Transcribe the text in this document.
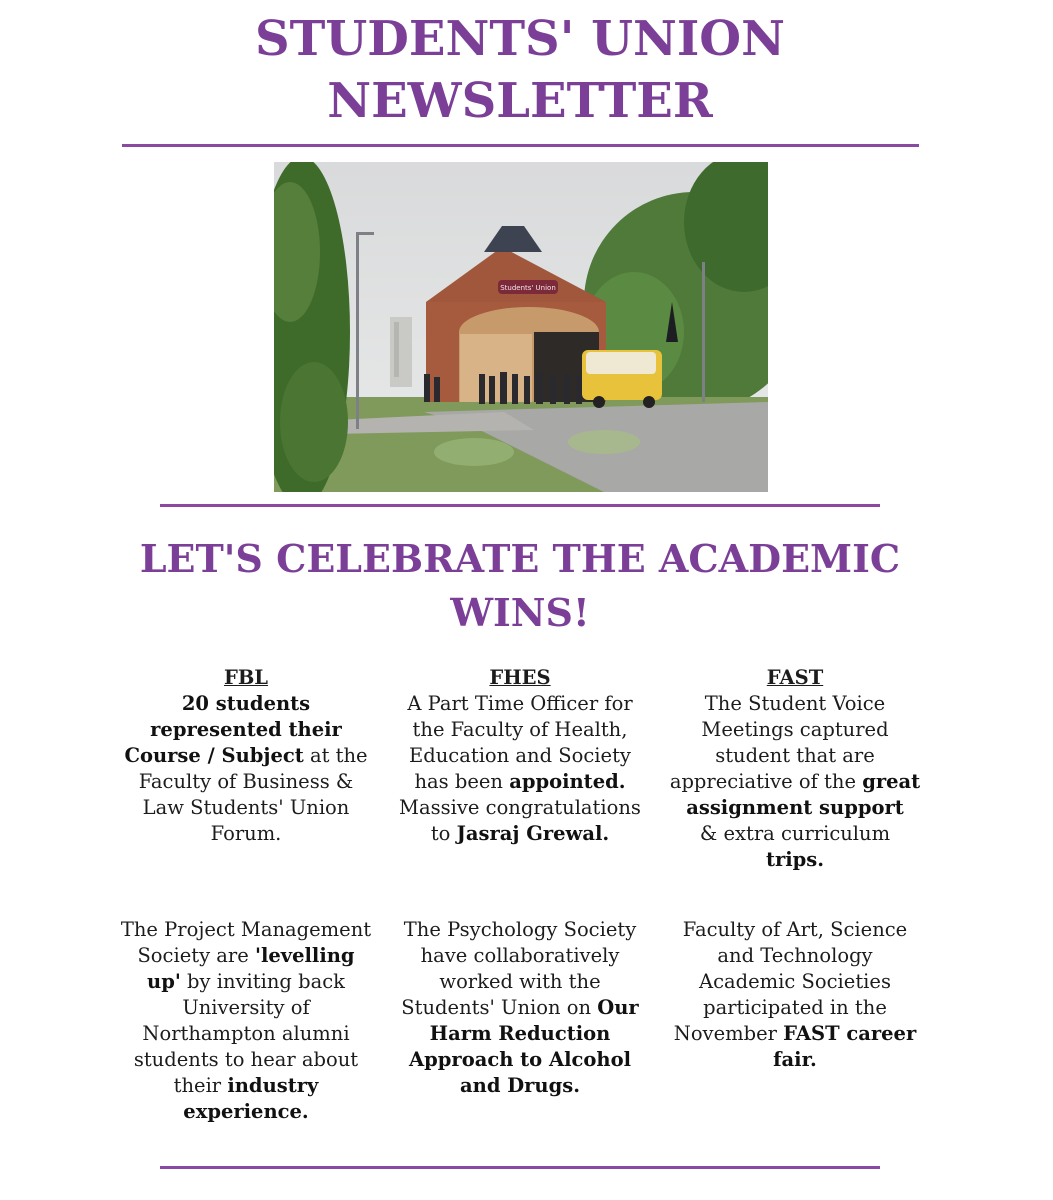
STUDENTS' UNION
NEWSLETTER
Students' Union
LET'S CELEBRATE THE ACADEMIC
WINS!
FBL
20 students
represented their
Course / Subject at the
Faculty of Business &
Law Students' Union
Forum.
FHES
A Part Time Officer for
the Faculty of Health,
Education and Society
has been appointed.
Massive congratulations
to Jasraj Grewal.
FAST
The Student Voice
Meetings captured
student that are
appreciative of the great
assignment support
& extra curriculum
trips.
The Project Management
Society are 'levelling
up' by inviting back
University of
Northampton alumni
students to hear about
their industry
experience.
The Psychology Society
have collaboratively
worked with the
Students' Union on Our
Harm Reduction
Approach to Alcohol
and Drugs.
Faculty of Art, Science
and Technology
Academic Societies
participated in the
November FAST career
fair.
